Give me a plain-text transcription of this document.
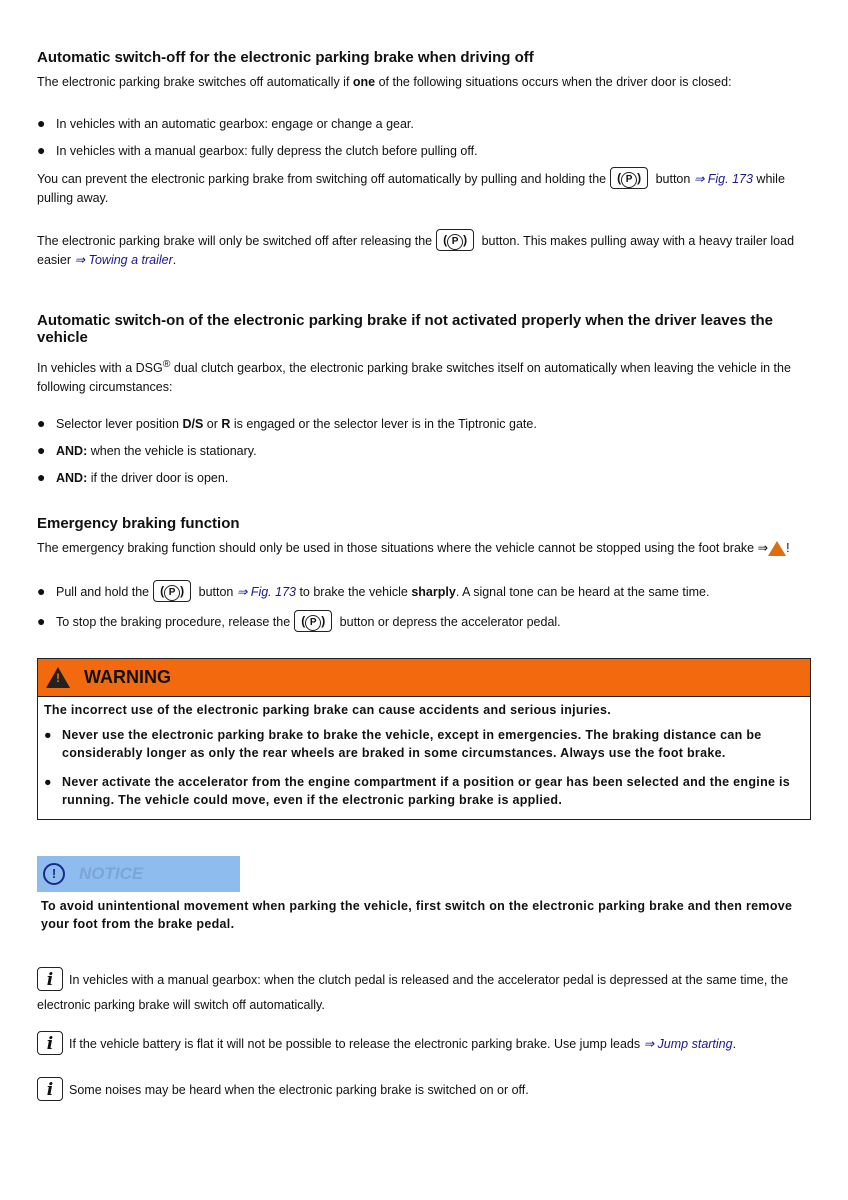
Automatic switch-off for the electronic parking brake when driving off
The electronic parking brake switches off automatically if one of the following situations occurs when the driver door is closed:
● In vehicles with an automatic gearbox: engage or change a gear.
● In vehicles with a manual gearbox: fully depress the clutch before pulling off.
You can prevent the electronic parking brake from switching off automatically by pulling and holding the ( P ) button ⇒ Fig. 173 while pulling away.
The electronic parking brake will only be switched off after releasing the ( P ) button. This makes pulling away with a heavy trailer load easier ⇒ Towing a trailer.
Automatic switch-on of the electronic parking brake if not activated properly when the driver leaves the vehicle
In vehicles with a DSG® dual clutch gearbox, the electronic parking brake switches itself on automatically when leaving the vehicle in the following circumstances:
● Selector lever position D/S or R is engaged or the selector lever is in the Tiptronic gate.
● AND: when the vehicle is stationary.
● AND: if the driver door is open.
Emergency braking function
The emergency braking function should only be used in those situations where the vehicle cannot be stopped using the foot brake ⇒ !
● Pull and hold the ( P ) button ⇒ Fig. 173 to brake the vehicle sharply. A signal tone can be heard at the same time.
● To stop the braking procedure, release the ( P ) button or depress the accelerator pedal.
!
WARNING

The incorrect use of the electronic parking brake can cause accidents and serious injuries.

● Never use the electronic parking brake to brake the vehicle, except in emergencies. The braking distance can be considerably longer as only the rear wheels are braked in some circumstances. Always use the foot brake.
● Never activate the accelerator from the engine compartment if a position or gear has been selected and the engine is running. The vehicle could move, even if the electronic parking brake is applied.
!	NOTICE
To avoid unintentional movement when parking the vehicle, first switch on the electronic parking brake and then remove your foot from the brake pedal.
i In vehicles with a manual gearbox: when the clutch pedal is released and the accelerator pedal is depressed at the same time, the electronic parking brake will switch off automatically.
i If the vehicle battery is flat it will not be possible to release the electronic parking brake. Use jump leads ⇒ Jump starting.
i Some noises may be heard when the electronic parking brake is switched on or off.
